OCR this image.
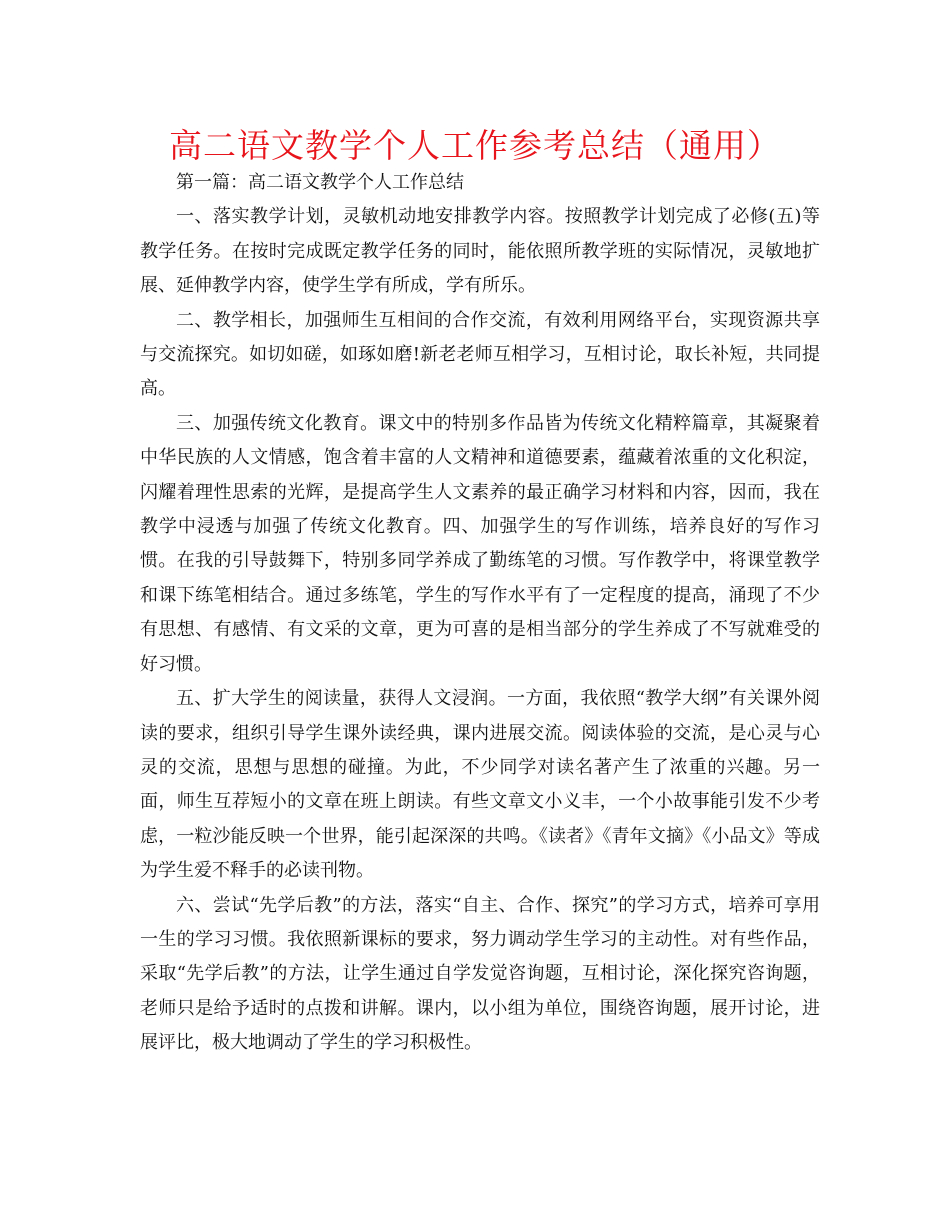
高二语文教学个人工作参考总结（通用）

第一篇：高二语文教学个人工作总结

一、落实教学计划，灵敏机动地安排教学内容。按照教学计划完成了必修(五)等教学任务。在按时完成既定教学任务的同时，能依照所教学班的实际情况，灵敏地扩展、延伸教学内容，使学生学有所成，学有所乐。

二、教学相长，加强师生互相间的合作交流，有效利用网络平台，实现资源共享与交流探究。如切如磋，如琢如磨!新老老师互相学习，互相讨论，取长补短，共同提高。

三、加强传统文化教育。课文中的特别多作品皆为传统文化精粹篇章，其凝聚着中华民族的人文情感，饱含着丰富的人文精神和道德要素，蕴藏着浓重的文化积淀，闪耀着理性思索的光辉，是提高学生人文素养的最正确学习材料和内容，因而，我在教学中浸透与加强了传统文化教育。四、加强学生的写作训练，培养良好的写作习惯。在我的引导鼓舞下，特别多同学养成了勤练笔的习惯。写作教学中，将课堂教学和课下练笔相结合。通过多练笔，学生的写作水平有了一定程度的提高，涌现了不少有思想、有感情、有文采的文章，更为可喜的是相当部分的学生养成了不写就难受的好习惯。

五、扩大学生的阅读量，获得人文浸润。一方面，我依照“教学大纲”有关课外阅读的要求，组织引导学生课外读经典，课内进展交流。阅读体验的交流，是心灵与心灵的交流，思想与思想的碰撞。为此，不少同学对读名著产生了浓重的兴趣。另一面，师生互荐短小的文章在班上朗读。有些文章文小义丰，一个小故事能引发不少考虑，一粒沙能反映一个世界，能引起深深的共鸣。《读者》《青年文摘》《小品文》等成为学生爱不释手的必读刊物。

六、尝试“先学后教”的方法，落实“自主、合作、探究”的学习方式，培养可享用一生的学习习惯。我依照新课标的要求，努力调动学生学习的主动性。对有些作品，采取“先学后教”的方法，让学生通过自学发觉咨询题，互相讨论，深化探究咨询题，老师只是给予适时的点拨和讲解。课内，以小组为单位，围绕咨询题，展开讨论，进展评比，极大地调动了学生的学习积极性。
